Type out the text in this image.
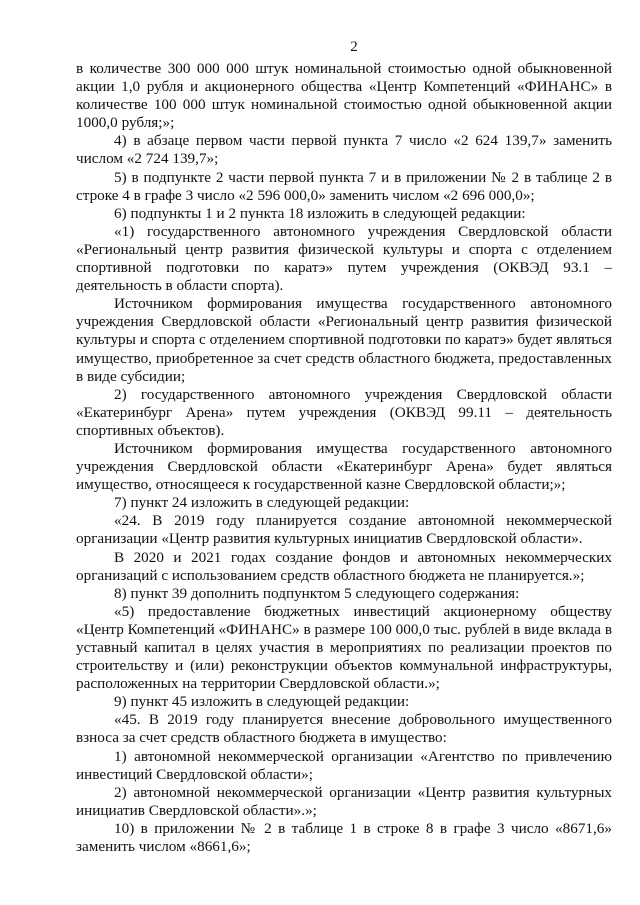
2

в количестве 300 000 000 штук номинальной стоимостью одной обыкновенной акции 1,0 рубля и акционерного общества «Центр Компетенций «ФИНАНС» в количестве 100 000 штук номинальной стоимостью одной обыкновенной акции 1000,0 рубля;»;

4) в абзаце первом части первой пункта 7 число «2 624 139,7» заменить числом «2 724 139,7»;

5) в подпункте 2 части первой пункта 7 и в приложении № 2 в таблице 2 в строке 4 в графе 3 число «2 596 000,0» заменить числом «2 696 000,0»;

6) подпункты 1 и 2 пункта 18 изложить в следующей редакции:

«1) государственного автономного учреждения Свердловской области «Региональный центр развития физической культуры и спорта с отделением спортивной подготовки по каратэ» путем учреждения (ОКВЭД 93.1 – деятельность в области спорта).

Источником формирования имущества государственного автономного учреждения Свердловской области «Региональный центр развития физической культуры и спорта с отделением спортивной подготовки по каратэ» будет являться имущество, приобретенное за счет средств областного бюджета, предоставленных в виде субсидии;

2) государственного автономного учреждения Свердловской области «Екатеринбург Арена» путем учреждения (ОКВЭД 99.11 – деятельность спортивных объектов).

Источником формирования имущества государственного автономного учреждения Свердловской области «Екатеринбург Арена» будет являться имущество, относящееся к государственной казне Свердловской области;»;

7) пункт 24 изложить в следующей редакции:

«24. В 2019 году планируется создание автономной некоммерческой организации «Центр развития культурных инициатив Свердловской области».

В 2020 и 2021 годах создание фондов и автономных некоммерческих организаций с использованием средств областного бюджета не планируется.»;

8) пункт 39 дополнить подпунктом 5 следующего содержания:

«5) предоставление бюджетных инвестиций акционерному обществу «Центр Компетенций «ФИНАНС» в размере 100 000,0 тыс. рублей в виде вклада в уставный капитал в целях участия в мероприятиях по реализации проектов по строительству и (или) реконструкции объектов коммунальной инфраструктуры, расположенных на территории Свердловской области.»;

9) пункт 45 изложить в следующей редакции:

«45. В 2019 году планируется внесение добровольного имущественного взноса за счет средств областного бюджета в имущество:

1) автономной некоммерческой организации «Агентство по привлечению инвестиций Свердловской области»;

2) автономной некоммерческой организации «Центр развития культурных инициатив Свердловской области».»;

10) в приложении № 2 в таблице 1 в строке 8 в графе 3 число «8671,6» заменить числом «8661,6»;
